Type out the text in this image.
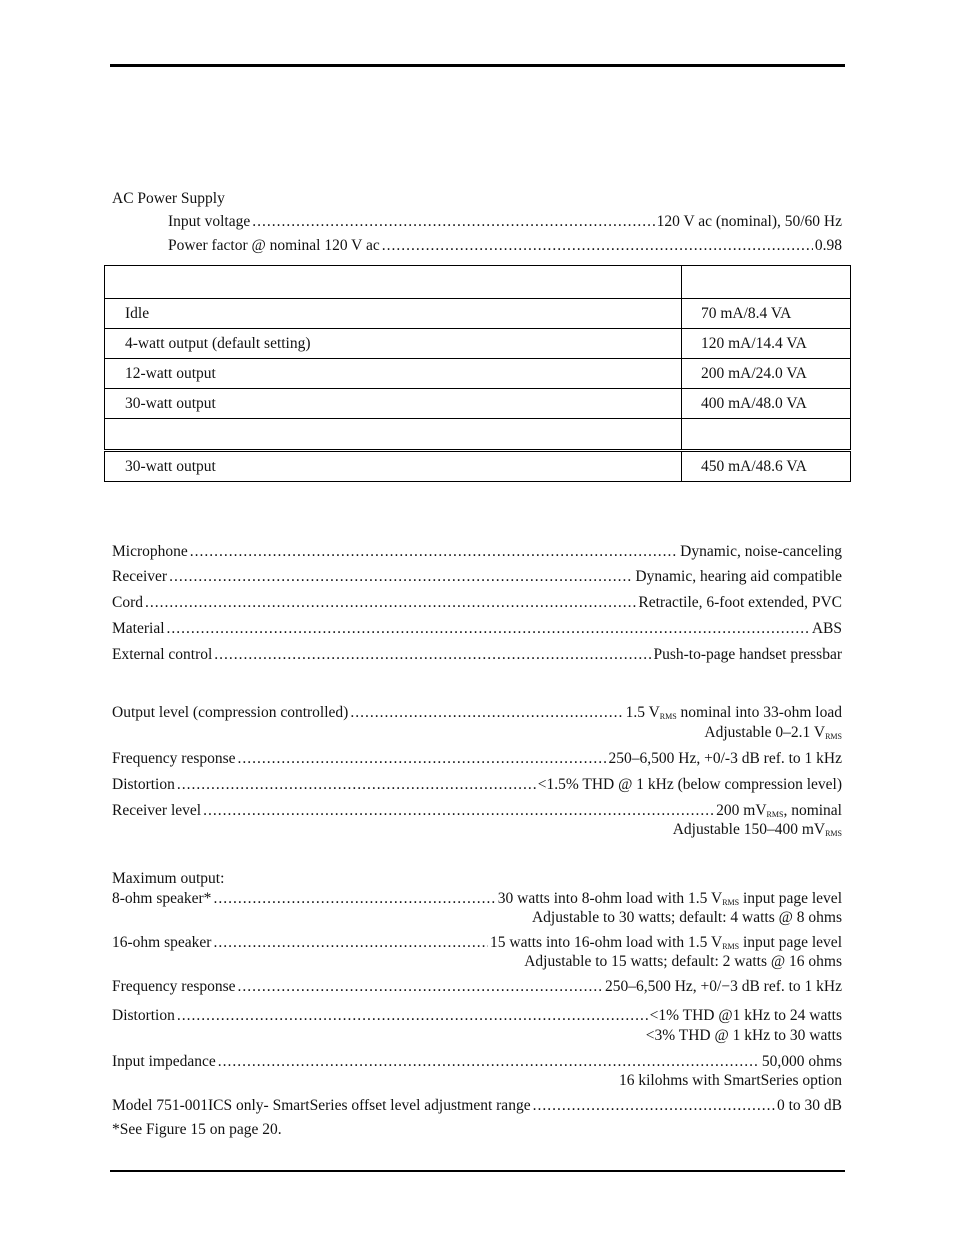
AC Power Supply
Input voltage .....	120 V ac (nominal), 50/60 Hz
Power factor @ nominal 120 V ac .....	0.98

Idle	70 mA/8.4 VA
4-watt output (default setting)	120 mA/14.4 VA
12-watt output	200 mA/24.0 VA
30-watt output	400 mA/48.0 VA

30-watt output	450 mA/48.6 VA
Microphone .....	Dynamic, noise-canceling
Receiver .....	Dynamic, hearing aid compatible
Cord .....	Retractile, 6-foot extended, PVC
Material .....	ABS
External control .....	Push-to-page handset pressbar
Output level (compression controlled) .....	1.5 $V_{RMS}$ nominal into 33-ohm load
Adjustable 0–2.1 $V_{RMS}$
Frequency response .....	250–6,500 Hz, +0/-3 dB ref. to 1 kHz
Distortion .....	<1.5% THD @ 1 kHz (below compression level)
Receiver level .....	200 $mV_{RMS}$, nominal
Adjustable 150–400 $mV_{RMS}$
Maximum output:
8-ohm speaker* .....	30 watts into 8-ohm load with 1.5 $V_{RMS}$ input page level
Adjustable to 30 watts; default: 4 watts @ 8 ohms
16-ohm speaker .....	15 watts into 16-ohm load with 1.5 $V_{RMS}$ input page level
Adjustable to 15 watts; default: 2 watts @ 16 ohms
Frequency response .....	250–6,500 Hz, +0/−3 dB ref. to 1 kHz
Distortion .....	<1% THD @1 kHz to 24 watts
<3% THD @ 1 kHz to 30 watts
Input impedance .....	50,000 ohms
16 kilohms with SmartSeries option
Model 751-001ICS only- SmartSeries offset level adjustment range .....	0 to 30 dB
*See Figure 15 on page 20.
